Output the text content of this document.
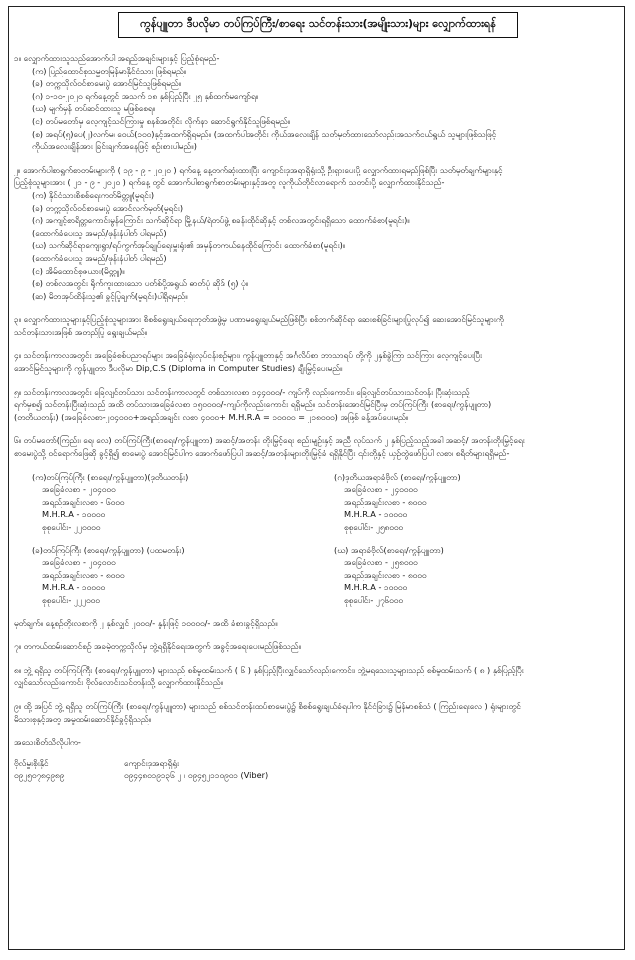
ကွန်ပျူတာ ဒီပလိုမာ တပ်ကြပ်ကြီး/စာရေး သင်တန်းသား(အမျိုးသား)များ လျှောက်ထားရန်
၁။ လျှောက်ထားသူသည်အောက်ပါ အရည်အချင်းများနှင့် ပြည့်စုံရမည်-
(က) ပြည်ထောင်စုသမ္မတမြန်မာနိုင်ငံသား ဖြစ်ရမည်။
(ခ) တက္ကသိုလ်ဝင်စာမေးပွဲ အောင်မြင်သူဖြစ်ရမည်။
(ဂ) ၁-၁၀-၂၀၂၀ ရက်နေ့တွင် အသက် ၁၈ နှစ်ပြည့်ပြီး ၂၅ နှစ်ထက်မကျော်ရ။
(ဃ) မျက်မှန် တပ်ဆင်ထားသူ မဖြစ်စေရ။
(င) တပ်မတော်မှ လေ့ကျင့်သင်ကြားမှု စနစ်အတိုင်း လိုက်နာ ဆောင်ရွက်နိုင်သူဖြစ်ရမည်။
(စ) အရပ်(၅)ပေ(၂)လက်မ၊ ဝေယ်(၁၀၀)နှင့်အထက်ရှိရမည်။ (အထက်ပါအတိုင်း ကိုယ်အလေးချိန် သတ်မှတ်ထားသော်လည်းအသက်ငယ်ရွယ် သူများဖြစ်သဖြင့်
ကိုယ်အလေးချိန်အား ခြင်းချက်အနေဖြင့် စဉ်းစားပါမည်။)
၂။ အောက်ပါစာရွက်စာတမ်းများကို ( ၁၉ - ၉ - ၂၀၂၀ ) ရက်နေ့ နေ့တက်ဆုံးထားပြီး ကျောင်းဒုအရာရှိရုံးသို့ ဦးရှားပေးပို့ လျှောက်ထားရမည်ဖြစ်ပြီး သတ်မှတ်ချက်များနှင့်
ပြည့်စုံသူများအား ( ၂၁ - ၉ - ၂၀၂၀ ) ရက်နေ့ တွင် အောက်ပါစာရွက်စာတမ်းများနှင့်အတူ လူကိုယ်တိုင်လာရောက် သတင်းပို့ လျှောက်ထားနိုင်သည်-
(က) နိုင်ငံသားစိစစ်ရေးကတ်မိတ္တူ(မူရင်း)
(ခ) တက္ကသိုလ်ဝင်စာမေးပွဲ အောင်လက်မှတ်(မူရင်း)
(ဂ) အကျင့်စာရိတ္တကောင်းမွန်ကြောင်း သက်ဆိုင်ရာ မြို့နယ်/ရဲတပ်ဖွဲ့ စခန်းထိုင်ဆိုနှင့် တစ်လအတွင်းရရှိသော ထောက်ခံစာ(မူရင်း)။
(ထောက်ခံပေးသူ အမည်/ဖုန်းနံပါတ် ပါရမည်)
(ဃ) သက်ဆိုင်ရာကျေးရွာ/ရပ်ကွက်အုပ်ချုပ်ရေးမှူးရုံး၏ အမှန်တကယ်နေထိုင်ကြောင်း ထောက်ခံစာ(မူရင်း)။
(ထောက်ခံပေးသူ အမည်/ဖုန်းနံပါတ် ပါရမည်)
(င) အိမ်ထောင်စုဇယား(မိတ္တူ)။
(စ) တစ်လအတွင်း ရိုက်ကူးထားသော ပတ်စ်ပို့အရွယ် ဓာတ်ပုံ ဆိုဒ် (၅) ပုံ။
(ဆ) မိဘအုပ်ထိန်းသူ၏ ခွင့်ပြုချက်(မူရင်း)ပါရှိရမည်။
၃။ လျှောက်ထားသူများနှင့်ပြည့်စုံသူများအား စိစစ်ရွေးချယ်ရေးဘုတ်အဖွဲ့မှ ပဏာမရွေးချယ်မည်ဖြစ်ပြီး စစ်ဘက်ဆိုင်ရာ ဆေးစစ်ခြင်းများပြုလုပ်၍ ဆေးအောင်မြင်သူများကို
သင်တန်းသားအဖြစ် အတည်ပြု ရွေးချယ်မည်။
၄။ သင်တန်းကာလအတွင်း အခြေခံစစ်ပညာရပ်များ အခြေခံရုံးလုပ်ငန်းစဉ်များ၊ ကွန်ပျူတာနှင့် အင်္ဂလိပ်စာ ဘာသာရပ် တို့ကို ၂နှစ်ခွဲကြာ သင်ကြား လေ့ကျင့်ပေးပြီး
အောင်မြင်သူများကို ကွန်ပျူတာ ဒီပလိုမာ Dip,C.S (Diploma in Computer Studies) ချီးမြှင့်ပေးမည်။
၅။ သင်တန်းကာလအတွင်း ခြေလျင်တပ်သား သင်တန်းကာလတွင် တစ်သားလစာ ၁၄၄၀၀၀/- ကျပ်ကို လည်းကောင်း၊ ခြေလျင်တပ်သားသင်တန်း ပြီးဆုံးသည့်
ရက်မှစ၍ သင်တန်းပြီးဆုံးသည် အထိ တပ်သားအခြေခံလစာ ၁၅၀၀၀၀/-ကျပ်ကိုလည်းကောင်း ရရှိမည်။ သင်တန်းအောင်မြင်ပြီးမှ တပ်ကြပ်ကြီး (စာရေး/ကွန်ပျူတာ)
(တတိယတန်း) (အခြေခံလစာ-၂၀၄၀၀၀+အရည်အချင်း လစာ ၄၀၀၀+ M.H.R.A = ၁၀၀၀၀ = ၂၁၈၀၀၀) အဖြစ် ခန့်အပ်ပေးမည်။
၆။ တပ်မတော်(ကြည်း၊ ရေ၊ လေ) တပ်ကြပ်ကြီး(စာရေး/ကွန်ပျူတာ) အဆင့်/အတန်း တိုးမြှင့်ရေး စည်းမျဉ်းနှင့် အညီ လုပ်သက် ၂ နှစ်ပြည့်သည့်အခါ အဆင့်/ အတန်းတိုးမြှင့်ရေး
စာမေးပွဲသို့ ဝင်ရောက်ဖြေဆို ခွင့်ရှိ၍ စာမေးပွဲ အောင်မြင်ပါက အောက်ဖော်ပြပါ အဆင့်/အတန်းများတိုးမြှင့်ခံ ရရှိနိုင်ပြီး ၎င်းတို့နှင့် ယှဉ်တွဲဖော်ပြပါ လစာ၊ စရိတ်များရရှိမည်-
(က)တပ်ကြပ်ကြီး (စာရေး/ကွန်ပျူတာ)(ဒုတိယတန်း)
အခြေခံလစာ - ၂၀၄၀၀၀
အရည်အချင်းလစာ - ၆၀၀၀
M.H.R.A - ၁၀၀၀၀
စုစုပေါင်း- ၂၂၀၀၀၀
(ဂ)ဒုတိယအရာခံဗိုလ် (စာရေး/ကွန်ပျူတာ)
အခြေခံလစာ - ၂၄၀၀၀၀
အရည်အချင်းလစာ - ၈၀၀၀
M.H.R.A - ၁၀၀၀၀
စုစုပေါင်း- ၂၅၈၀၀၀
(ခ)တပ်ကြပ်ကြီး (စာရေး/ကွန်ပျူတာ) (ပထမတန်း)
အခြေခံလစာ - ၂၀၄၀၀၀
အရည်အချင်းလစာ - ၈၀၀၀
M.H.R.A - ၁၀၀၀၀
စုစုပေါင်း- ၂၂၂၀၀၀
(ဃ) အရာခံဗိုလ်(စာရေး/ကွန်ပျူတာ)
အခြေခံလစာ - ၂၅၈၀၀၀
အရည်အချင်းလစာ - ၈၀၀၀
M.H.R.A - ၁၀၀၀၀
စုစုပေါင်း- ၂၇၆၀၀၀
မှတ်ချက်။ နေ့စဉ်တိုးလစာကို ၂ နှစ်လျှင် ၂၀၀၀/- နှုန်းဖြင့် ၁၀၀၀၀/- အထိ ခံစားခွင့်ရှိသည်။
၇။ တကယ်ထမ်းဆောင်စဉ် အခမဲ့တက္ကသိုလ်မှ ဘွဲ့ရရှိနိုင်ရေးအတွက် အခွင့်အရေးပေးမည်ဖြစ်သည်။
၈။ ဘွဲ့ ရရှိသူ တပ်ကြပ်ကြီး (စာရေး/ကွန်ပျူတာ) များသည် စစ်မှုထမ်းသက် ( ၆ ) နှစ်ပြည့်ပြီးလျှင်သော်လည်းကောင်း၊ ဘွဲ့မရသေးသူများသည် စစ်မှုထမ်းသက် ( ၈ ) နှစ်ပြည့်ပြီး
လျှင်သော်လည်းကောင်း ဗိုလ်လောင်းသင်တန်းသို့ လျှောက်ထားနိုင်သည်။
၉။ ထို့ အပြင် ဘွဲ့ ရရှိသူ တပ်ကြပ်ကြီး (စာရေး/ကွန်ပျူတာ) များသည် စစ်သင်တန်းထပ်စာမေးပွဲ၌ စိစစ်ရွေးချယ်ခံရပါက နိုင်ငံခြား၌ မြန်မာစစ်သံ ( ကြည်းရေးလေ ) ရုံးများတွင်
မိသားစုနှင့်အတူ အမှုထမ်းဆောင်နိုင်ခွင့်ရှိသည်။
အသေးစိတ်သိလိုပါက-
ဗိုလ်မှူးစိုးနိုင်	ကျောင်းဒုအရာရှိရုံး
၀၉၂၅၀၇၈၄၉၈၉	၀၉၄၄၈၀၁၉၁၃၆ ၂ ၊ ၀၉၄၅၂၁၁၀၉၀၁ (Viber)
